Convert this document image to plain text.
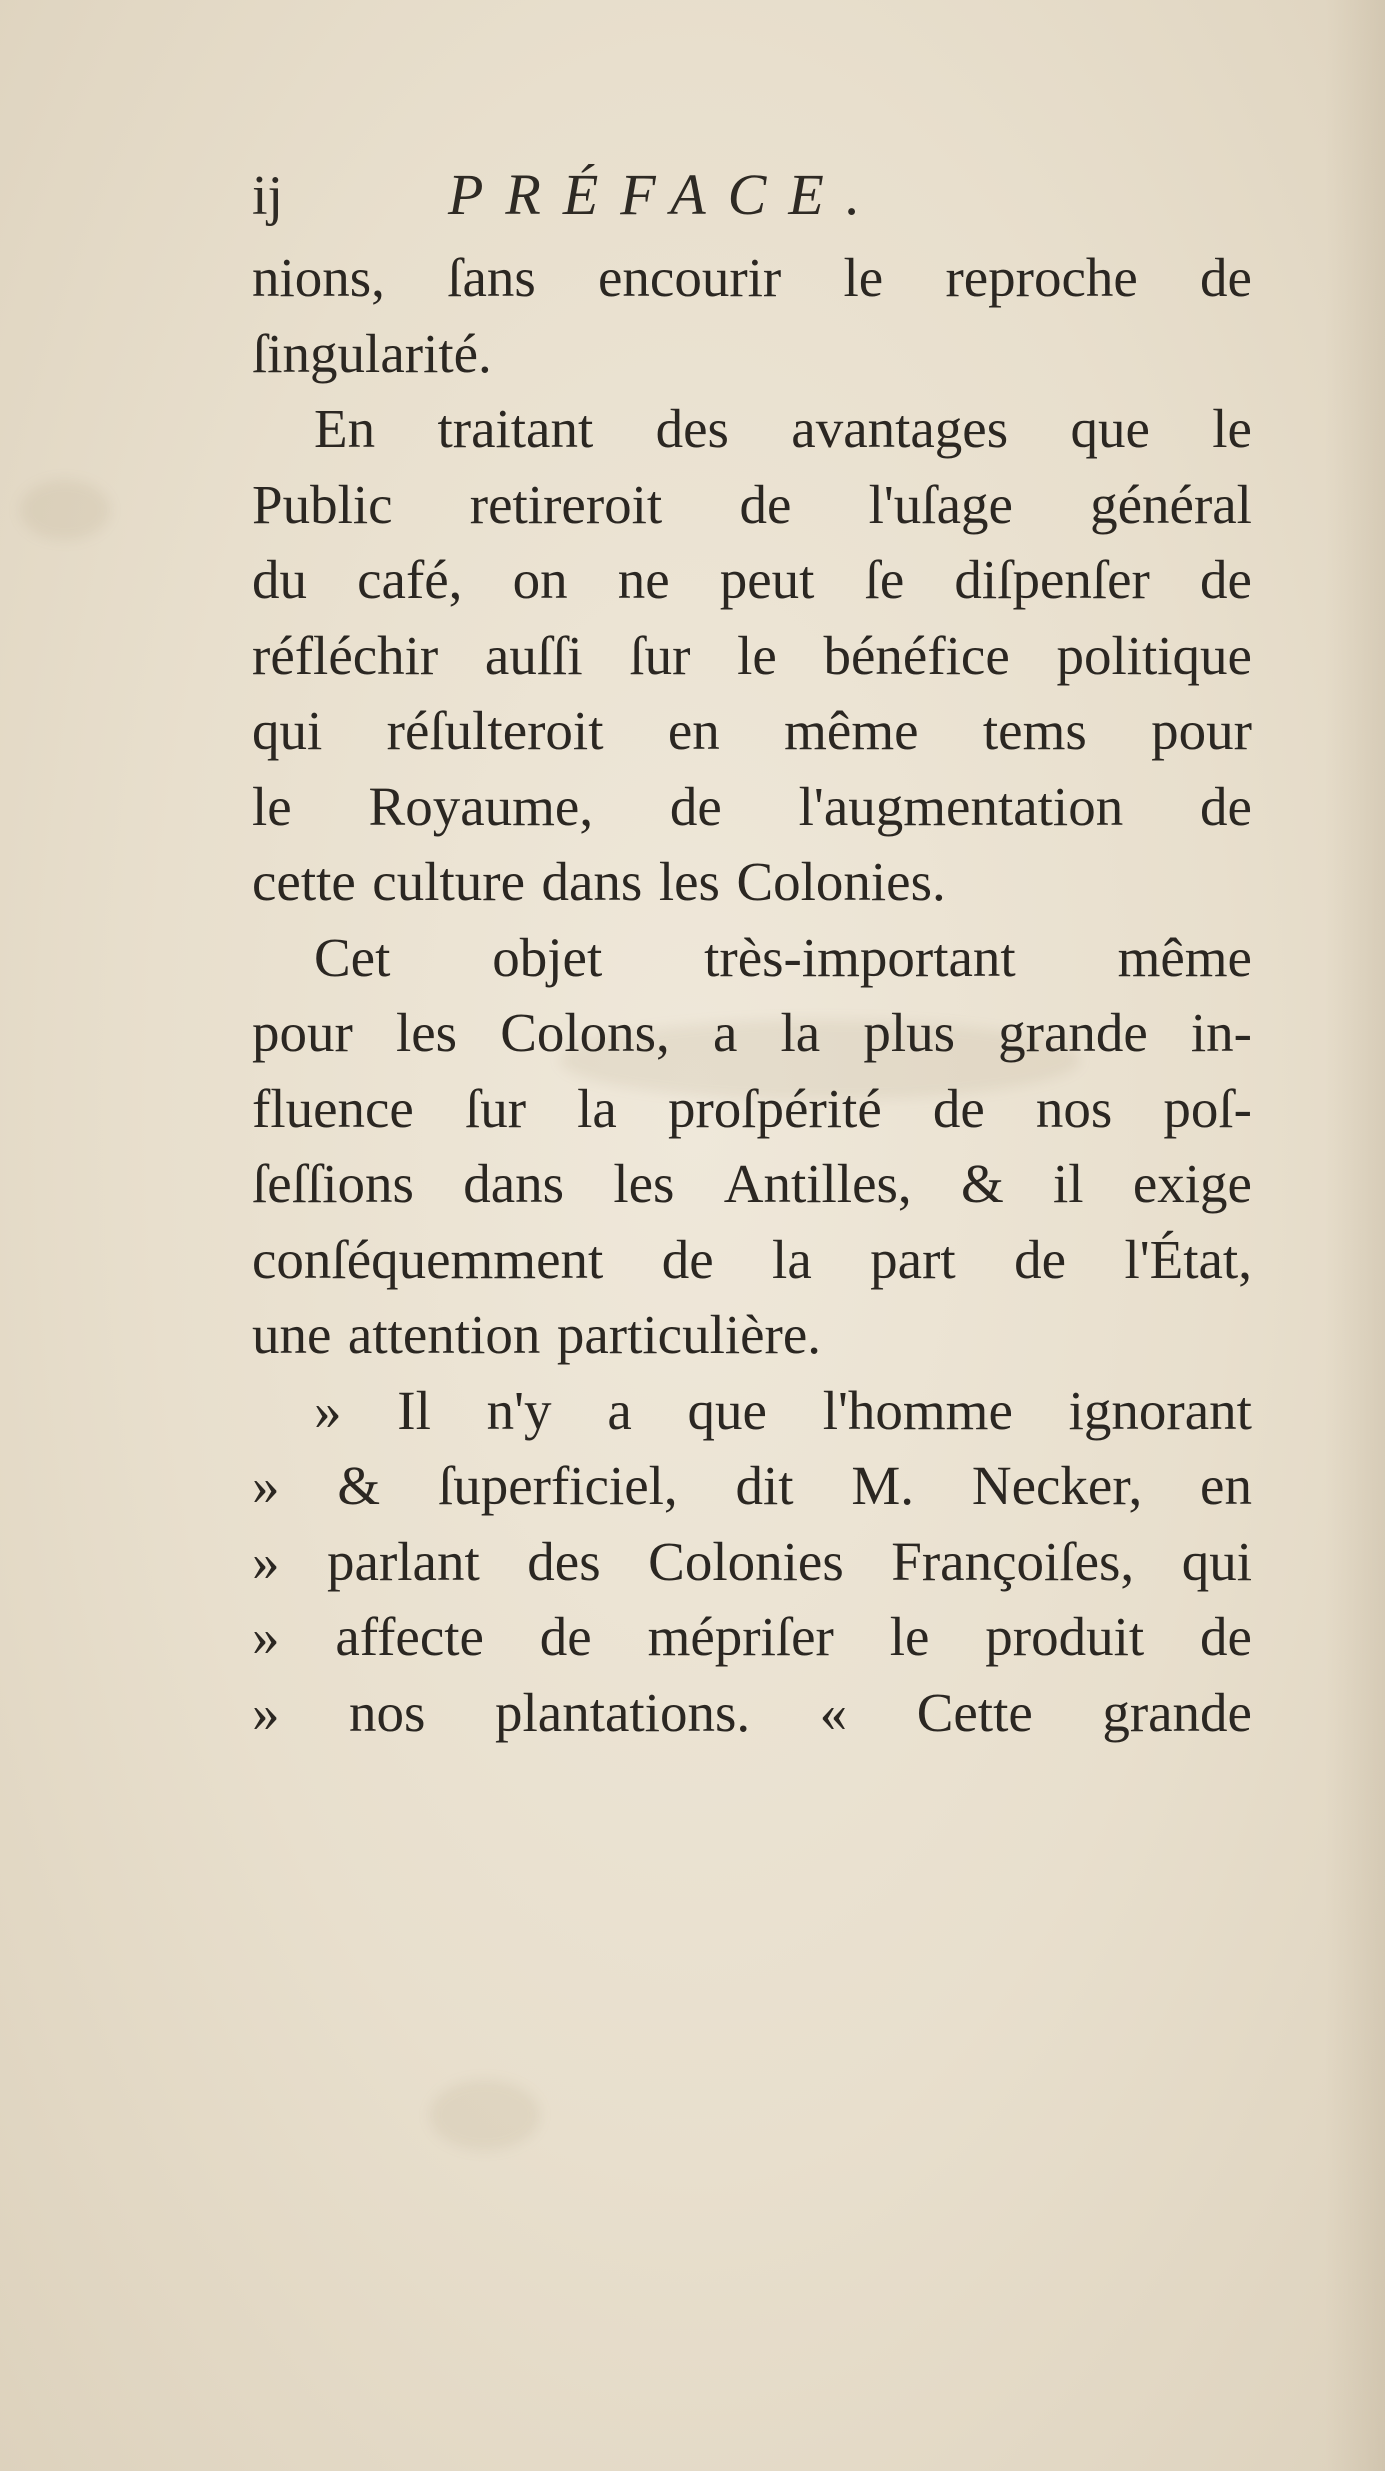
ij	PRÉFACE.
nions, ſans encourir le reproche de
ſingularité.
En traitant des avantages que le
Public retireroit de l'uſage général
du café, on ne peut ſe diſpenſer de
réfléchir auſſi ſur le bénéfice politique
qui réſulteroit en même tems pour
le Royaume, de l'augmentation de
cette culture dans les Colonies.
Cet objet très-important même
pour les Colons, a la plus grande in-
fluence ſur la proſpérité de nos poſ-
ſeſſions dans les Antilles, & il exige
conſéquemment de la part de l'État,
une attention particulière.
» Il n'y a que l'homme ignorant
» & ſuperficiel, dit M. Necker, en
» parlant des Colonies Françoiſes, qui
» affecte de mépriſer le produit de
» nos plantations. « Cette grande
